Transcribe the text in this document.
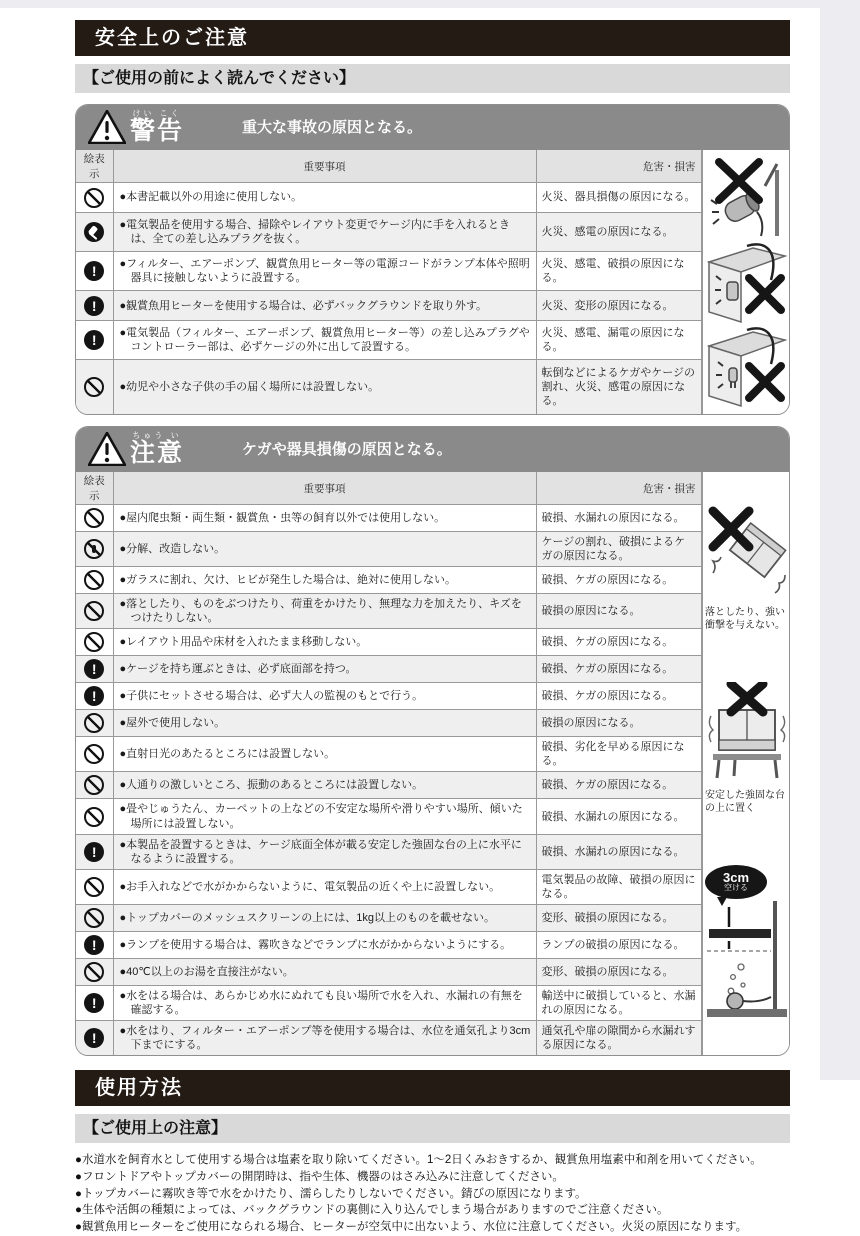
安全上のご注意
【ご使用の前によく読んでください】
けい こく
警告	重大な事故の原因となる。
絵表示	重要事項	危害・損害
	●本書記載以外の用途に使用しない。	火災、器具損傷の原因になる。
	●電気製品を使用する場合、掃除やレイアウト変更でケージ内に手を入れるときは、全ての差し込みプラグを抜く。	火災、感電の原因になる。
!	●フィルター、エアーポンプ、観賞魚用ヒーター等の電源コードがランプ本体や照明器具に接触しないように設置する。	火災、感電、破損の原因になる。
!	●観賞魚用ヒーターを使用する場合は、必ずバックグラウンドを取り外す。	火災、変形の原因になる。
!	●電気製品（フィルター、エアーポンプ、観賞魚用ヒーター等）の差し込みプラグやコントローラー部は、必ずケージの外に出して設置する。	火災、感電、漏電の原因になる。
	●幼児や小さな子供の手の届く場所には設置しない。	転倒などによるケガやケージの割れ、火災、感電の原因になる。
ちゅう い
注意	ケガや器具損傷の原因となる。
絵表示	重要事項	危害・損害
	●屋内爬虫類・両生類・観賞魚・虫等の飼育以外では使用しない。	破損、水漏れの原因になる。
	●分解、改造しない。	ケージの割れ、破損によるケガの原因になる。
	●ガラスに割れ、欠け、ヒビが発生した場合は、絶対に使用しない。	破損、ケガの原因になる。
	●落としたり、ものをぶつけたり、荷重をかけたり、無理な力を加えたり、キズをつけたりしない。	破損の原因になる。
	●レイアウト用品や床材を入れたまま移動しない。	破損、ケガの原因になる。
!	●ケージを持ち運ぶときは、必ず底面部を持つ。	破損、ケガの原因になる。
!	●子供にセットさせる場合は、必ず大人の監視のもとで行う。	破損、ケガの原因になる。
	●屋外で使用しない。	破損の原因になる。
	●直射日光のあたるところには設置しない。	破損、劣化を早める原因になる。
	●人通りの激しいところ、振動のあるところには設置しない。	破損、ケガの原因になる。
	●畳やじゅうたん、カーペットの上などの不安定な場所や滑りやすい場所、傾いた場所には設置しない。	破損、水漏れの原因になる。
!	●本製品を設置するときは、ケージ底面全体が載る安定した強固な台の上に水平になるように設置する。	破損、水漏れの原因になる。
	●お手入れなどで水がかからないように、電気製品の近くや上に設置しない。	電気製品の故障、破損の原因になる。
	●トップカバーのメッシュスクリーンの上には、1kg以上のものを載せない。	変形、破損の原因になる。
!	●ランプを使用する場合は、霧吹きなどでランプに水がかからないようにする。	ランプの破損の原因になる。
	●40℃以上のお湯を直接注がない。	変形、破損の原因になる。
!	●水をはる場合は、あらかじめ水にぬれても良い場所で水を入れ、水漏れの有無を確認する。	輸送中に破損していると、水漏れの原因になる。
!	●水をはり、フィルター・エアーポンプ等を使用する場合は、水位を通気孔より3cm下までにする。	通気孔や扉の隙間から水漏れする原因になる。

落としたり、強い衝撃を与えない。

安定した強固な台の上に置く

3cm
空ける
使用方法
【ご使用上の注意】

●水道水を飼育水として使用する場合は塩素を取り除いてください。1～2日くみおきするか、観賞魚用塩素中和剤を用いてください。

●フロントドアやトップカバーの開閉時は、指や生体、機器のはさみ込みに注意してください。

●トップカバーに霧吹き等で水をかけたり、濡らしたりしないでください。錆びの原因になります。

●生体や活餌の種類によっては、バックグラウンドの裏側に入り込んでしまう場合がありますのでご注意ください。

●観賞魚用ヒーターをご使用になられる場合、ヒーターが空気中に出ないよう、水位に注意してください。火災の原因になります。
